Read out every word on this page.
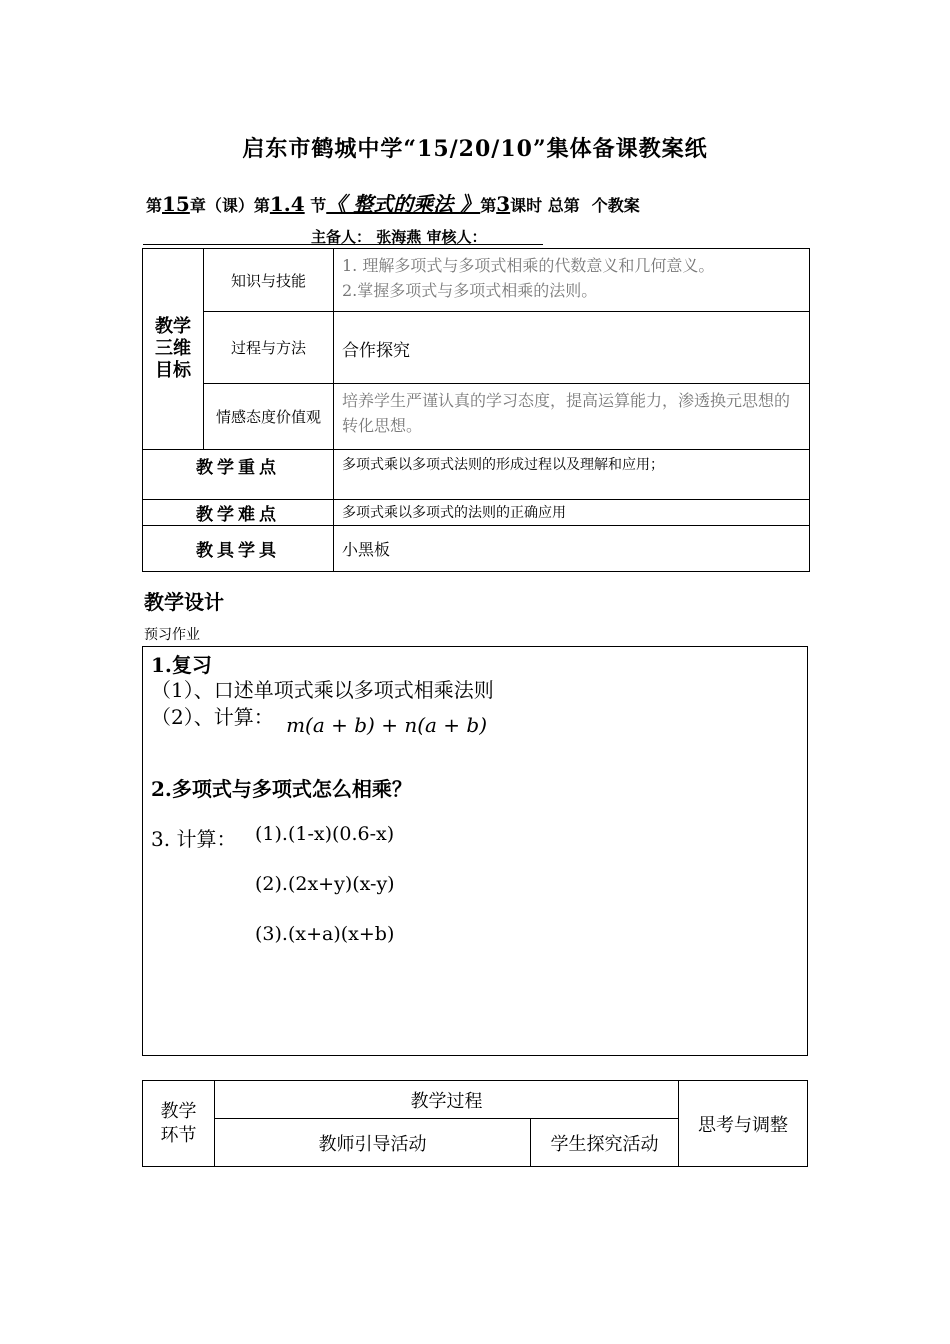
启东市鹤城中学“15/20/10”集体备课教案纸
第15章（课）第1.4 节《 整式的乘法 》第3课时 总第 个教案
主备人： 张海燕 审核人：
教学三维目标	知识与技能	1. 理解多项式与多项式相乘的代数意义和几何意义。
2.掌握多项式与多项式相乘的法则。

	过程与方法	合作探究
	情感态度价值观	培养学生严谨认真的学习态度，提高运算能力，渗透换元思想的转化思想。
教学重点		多项式乘以多项式法则的形成过程以及理解和应用；
教学难点		多项式乘以多项式的法则的正确应用
教具学具		小黑板
教学设计
预习作业
1.复习
（1）、口述单项式乘以多项式相乘法则
（2）、计算： m(a + b) + n(a + b)
2.多项式与多项式怎么相乘？
3. 计算： (1).(1-x)(0.6-x)
(2).(2x+y)(x-y)
(3).(x+a)(x+b)
教学环节	教学过程		思考与调整
	教师引导活动	学生探究活动	
